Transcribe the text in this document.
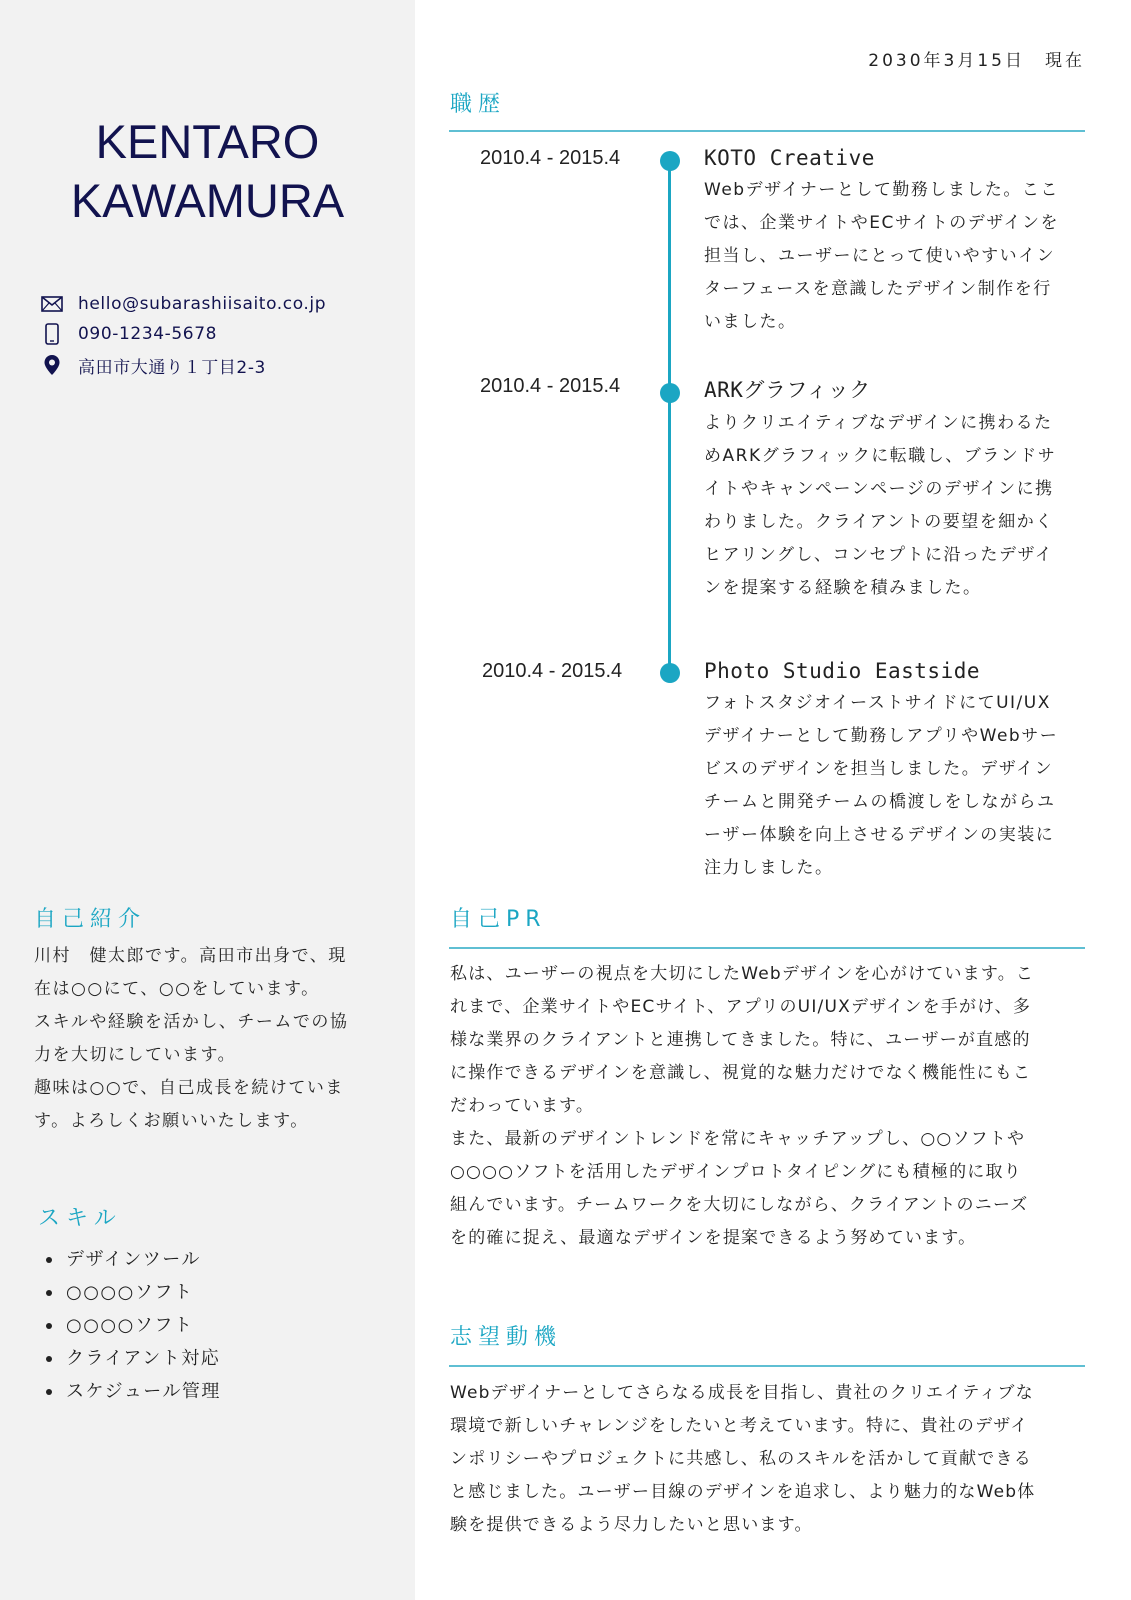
KENTARO
KAWAMURA
hello@subarashiisaito.co.jp
090-1234-5678
高田市大通り１丁目2-3
自己紹介
川村　健太郎です。高田市出身で、現
在は○○にて、○○をしています。
スキルや経験を活かし、チームでの協
力を大切にしています。
趣味は○○で、自己成長を続けていま
す。よろしくお願いいたします。
スキル
デザインツール
○○○○ソフト
○○○○ソフト
クライアント対応
スケジュール管理
2030年3月15日　現在
職歴
2010.4 - 2015.4	KOTO Creative
Webデザイナーとして勤務しました。ここ
では、企業サイトやECサイトのデザインを
担当し、ユーザーにとって使いやすいイン
ターフェースを意識したデザイン制作を行
いました。
2010.4 - 2015.4	ARKグラフィック
よりクリエイティブなデザインに携わるた
めARKグラフィックに転職し、ブランドサ
イトやキャンペーンページのデザインに携
わりました。クライアントの要望を細かく
ヒアリングし、コンセプトに沿ったデザイ
ンを提案する経験を積みました。
2010.4 - 2015.4	Photo Studio Eastside
フォトスタジオイーストサイドにてUI/UX
デザイナーとして勤務しアプリやWebサー
ビスのデザインを担当しました。デザイン
チームと開発チームの橋渡しをしながらユ
ーザー体験を向上させるデザインの実装に
注力しました。
自己PR
私は、ユーザーの視点を大切にしたWebデザインを心がけています。こ
れまで、企業サイトやECサイト、アプリのUI/UXデザインを手がけ、多
様な業界のクライアントと連携してきました。特に、ユーザーが直感的
に操作できるデザインを意識し、視覚的な魅力だけでなく機能性にもこ
だわっています。
また、最新のデザイントレンドを常にキャッチアップし、○○ソフトや
○○○○ソフトを活用したデザインプロトタイピングにも積極的に取り
組んでいます。チームワークを大切にしながら、クライアントのニーズ
を的確に捉え、最適なデザインを提案できるよう努めています。
志望動機
Webデザイナーとしてさらなる成長を目指し、貴社のクリエイティブな
環境で新しいチャレンジをしたいと考えています。特に、貴社のデザイ
ンポリシーやプロジェクトに共感し、私のスキルを活かして貢献できる
と感じました。ユーザー目線のデザインを追求し、より魅力的なWeb体
験を提供できるよう尽力したいと思います。
